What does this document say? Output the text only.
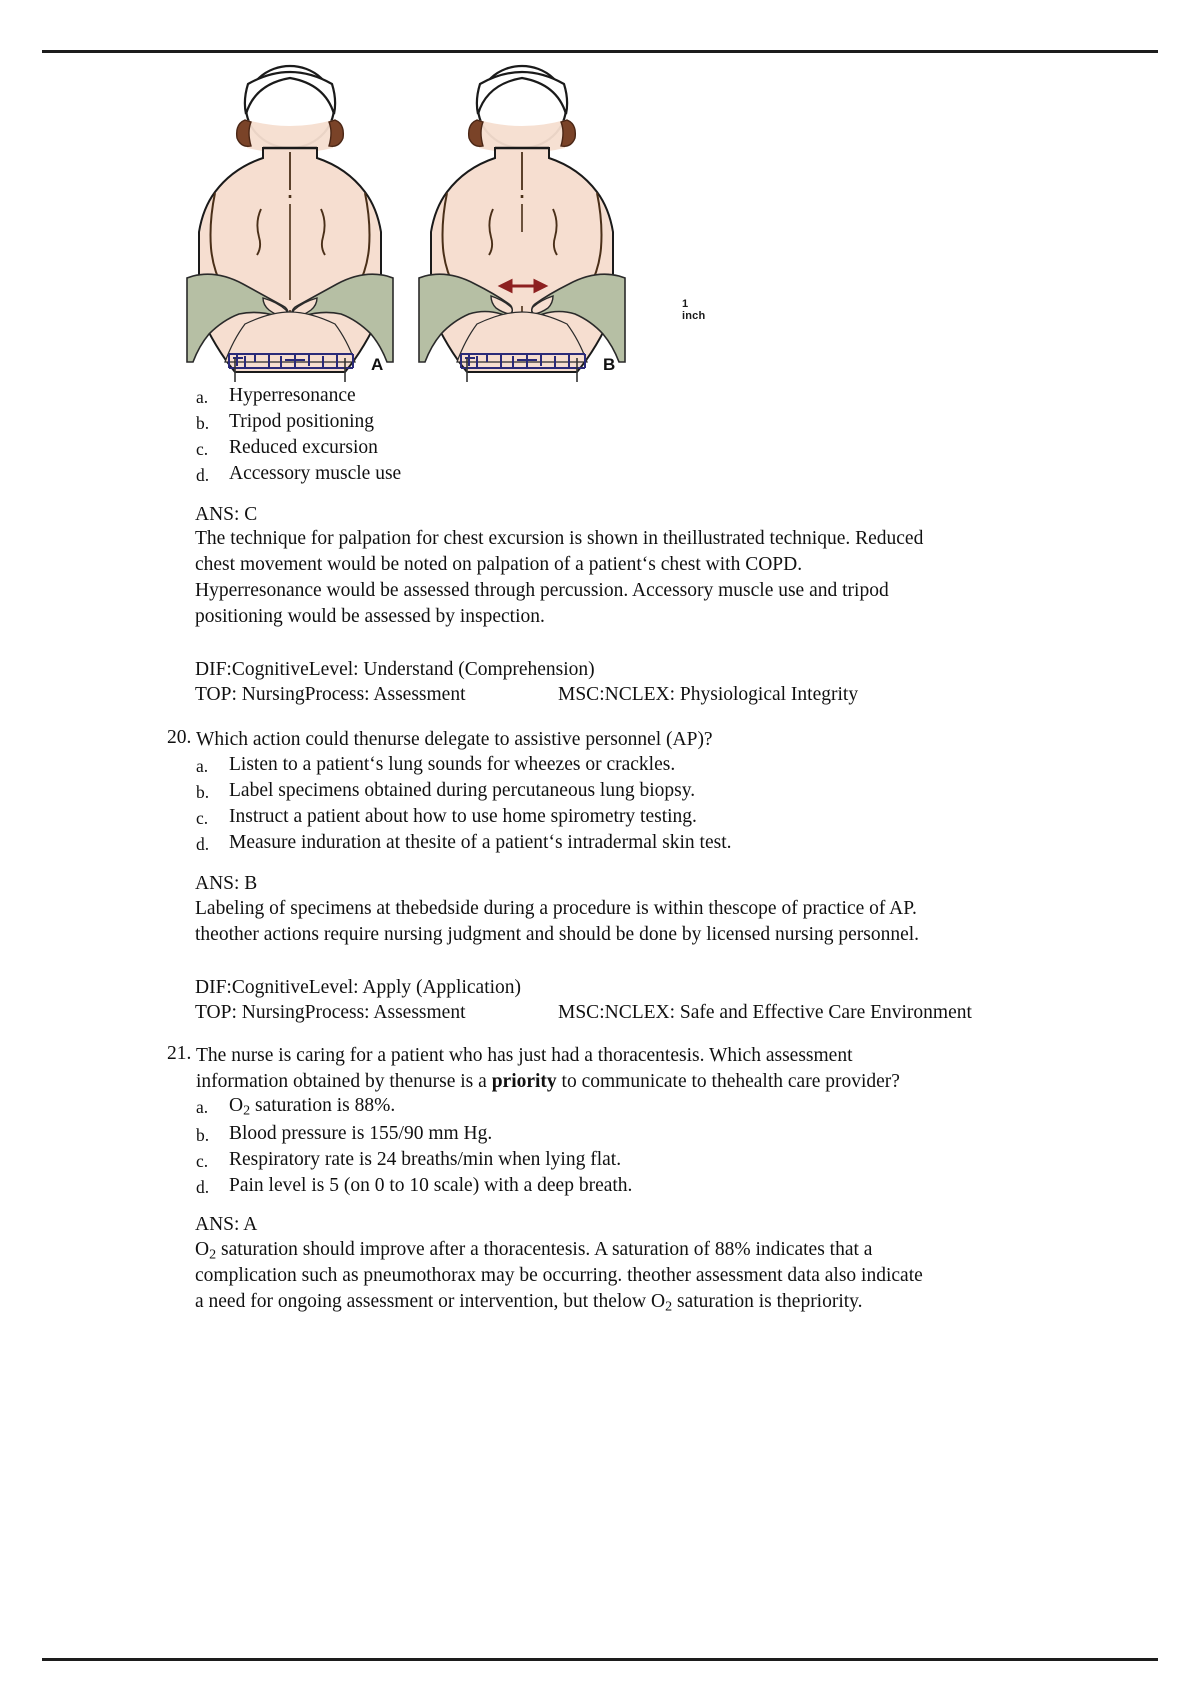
A	B
1 inch
a. Hyperresonance
b. Tripod positioning
c. Reduced excursion
d. Accessory muscle use
ANS: C
The technique for palpation for chest excursion is shown in theillustrated technique. Reduced
chest movement would be noted on palpation of a patient‘s chest with COPD.
Hyperresonance would be assessed through percussion. Accessory muscle use and tripod
positioning would be assessed by inspection.
DIF:CognitiveLevel: Understand (Comprehension)
TOP: NursingProcess: Assessment	MSC:NCLEX: Physiological Integrity
20. Which action could thenurse delegate to assistive personnel (AP)?
a. Listen to a patient‘s lung sounds for wheezes or crackles.
b. Label specimens obtained during percutaneous lung biopsy.
c. Instruct a patient about how to use home spirometry testing.
d. Measure induration at thesite of a patient‘s intradermal skin test.
ANS: B
Labeling of specimens at thebedside during a procedure is within thescope of practice of AP.
theother actions require nursing judgment and should be done by licensed nursing personnel.
DIF:CognitiveLevel: Apply (Application)
TOP: NursingProcess: Assessment	MSC:NCLEX: Safe and Effective Care Environment
21. The nurse is caring for a patient who has just had a thoracentesis. Which assessment
information obtained by thenurse is a priority to communicate to thehealth care provider?
a. $O_2$ saturation is 88%.
b. Blood pressure is 155/90 mm Hg.
c. Respiratory rate is 24 breaths/min when lying flat.
d. Pain level is 5 (on 0 to 10 scale) with a deep breath.
ANS: A
$O_2$ saturation should improve after a thoracentesis. A saturation of 88% indicates that a
complication such as pneumothorax may be occurring. theother assessment data also indicate
a need for ongoing assessment or intervention, but thelow $O_2$ saturation is thepriority.
